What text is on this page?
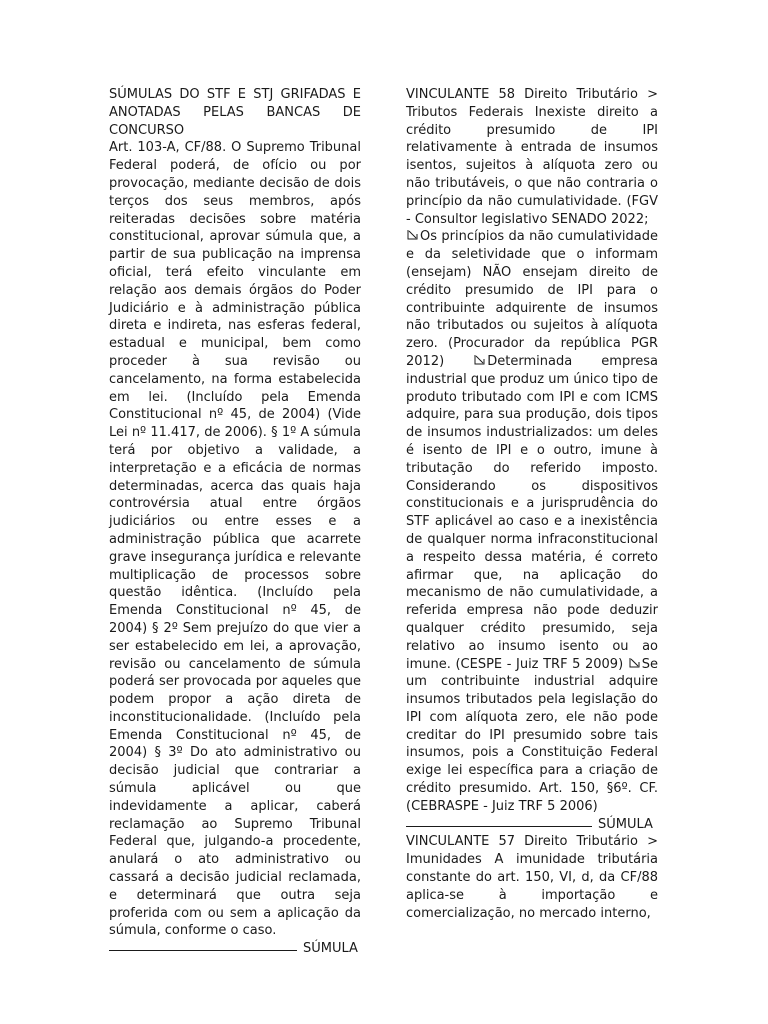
SÚMULAS DO STF E STJ GRIFADAS E ANOTADAS PELAS BANCAS DE CONCURSO

Art. 103-A, CF/88. O Supremo Tribunal Federal poderá, de ofício ou por provocação, mediante decisão de dois terços dos seus membros, após reiteradas decisões sobre matéria constitucional, aprovar súmula que, a partir de sua publicação na imprensa oficial, terá efeito vinculante em relação aos demais órgãos do Poder Judiciário e à administração pública direta e indireta, nas esferas federal, estadual e municipal, bem como proceder à sua revisão ou cancelamento, na forma estabelecida em lei. (Incluído pela Emenda Constitucional nº 45, de 2004) (Vide Lei nº 11.417, de 2006). § 1º A súmula terá por objetivo a validade, a interpretação e a eficácia de normas determinadas, acerca das quais haja controvérsia atual entre órgãos judiciários ou entre esses e a administração pública que acarrete grave insegurança jurídica e relevante multiplicação de processos sobre questão idêntica. (Incluído pela Emenda Constitucional nº 45, de 2004) § 2º Sem prejuízo do que vier a ser estabelecido em lei, a aprovação, revisão ou cancelamento de súmula poderá ser provocada por aqueles que podem propor a ação direta de inconstitucionalidade. (Incluído pela Emenda Constitucional nº 45, de 2004) § 3º Do ato administrativo ou decisão judicial que contrariar a súmula aplicável ou que indevidamente a aplicar, caberá reclamação ao Supremo Tribunal Federal que, julgando-a procedente, anulará o ato administrativo ou cassará a decisão judicial reclamada, e determinará que outra seja proferida com ou sem a aplicação da súmula, conforme o caso.

SÚMULA

VINCULANTE 58 Direito Tributário > Tributos Federais Inexiste direito a crédito presumido de IPI relativamente à entrada de insumos isentos, sujeitos à alíquota zero ou não tributáveis, o que não contraria o princípio da não cumulatividade. (FGV - Consultor legislativo SENADO 2022;

Os princípios da não cumulatividade e da seletividade que o informam (ensejam) NÃO ensejam direito de crédito presumido de IPI para o contribuinte adquirente de insumos não tributados ou sujeitos à alíquota zero. (Procurador da república PGR 2012)	Determinada empresa industrial que produz um único tipo de produto tributado com IPI e com ICMS adquire, para sua produção, dois tipos de insumos industrializados: um deles é isento de IPI e o outro, imune à tributação do referido imposto. Considerando os dispositivos constitucionais e a jurisprudência do STF aplicável ao caso e a inexistência de qualquer norma infraconstitucional a respeito dessa matéria, é correto afirmar que, na aplicação do mecanismo de não cumulatividade, a referida empresa não pode deduzir qualquer crédito presumido, seja relativo ao insumo isento ou ao imune. (CESPE - Juiz TRF 5 2009) Se um contribuinte industrial adquire insumos tributados pela legislação do IPI com alíquota zero, ele não pode creditar do IPI presumido sobre tais insumos, pois a Constituição Federal exige lei específica para a criação de crédito presumido. Art. 150, §6º. CF. (CEBRASPE - Juiz TRF 5 2006)

SÚMULA

VINCULANTE 57 Direito Tributário > Imunidades A imunidade tributária constante do art. 150, VI, d, da CF/88 aplica-se à importação e comercialização, no mercado interno,
